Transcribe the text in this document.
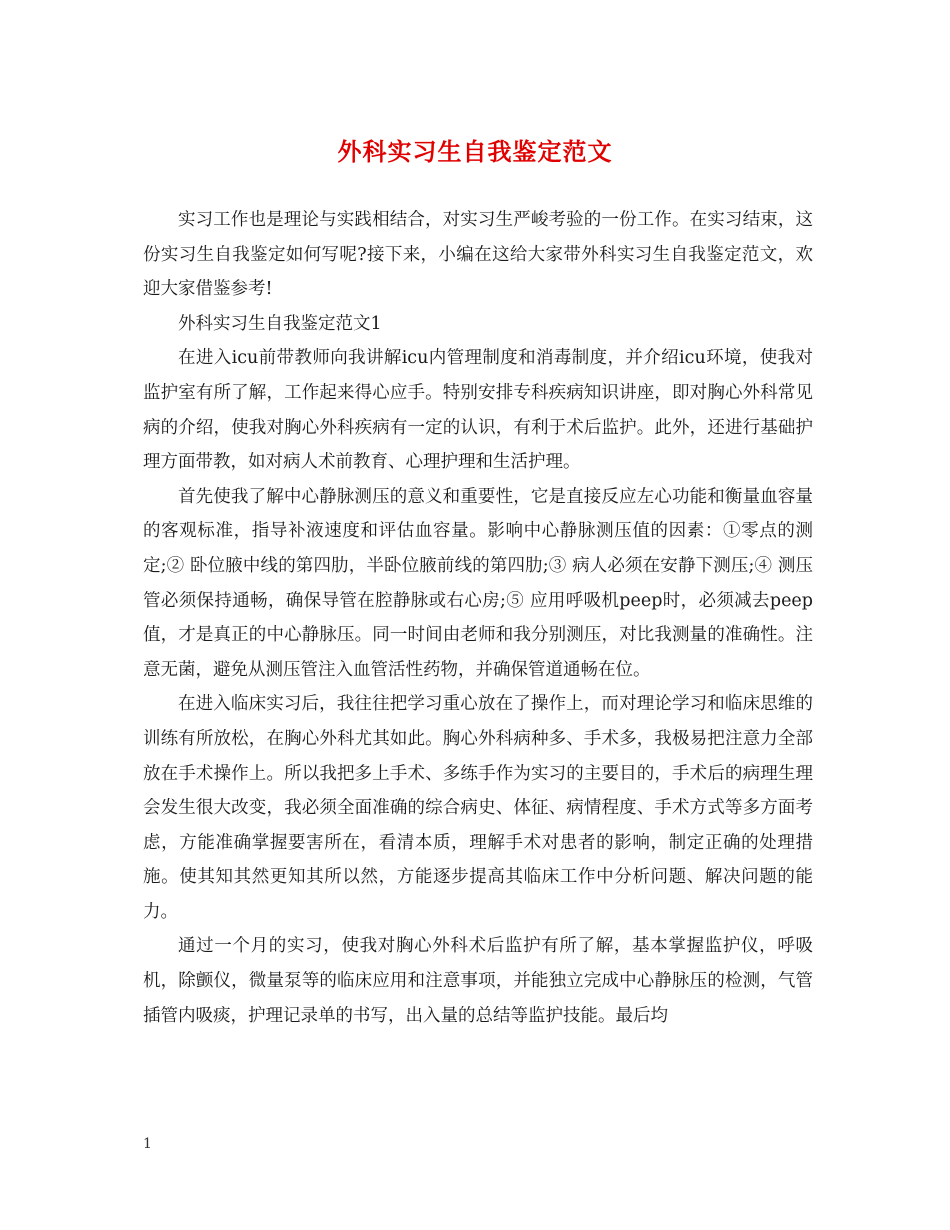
外科实习生自我鉴定范文

实习工作也是理论与实践相结合，对实习生严峻考验的一份工作。在实习结束，这份实习生自我鉴定如何写呢?接下来，小编在这给大家带外科实习生自我鉴定范文，欢迎大家借鉴参考!

外科实习生自我鉴定范文1

在进入icu前带教师向我讲解icu内管理制度和消毒制度，并介绍icu环境，使我对监护室有所了解，工作起来得心应手。特别安排专科疾病知识讲座，即对胸心外科常见病的介绍，使我对胸心外科疾病有一定的认识，有利于术后监护。此外，还进行基础护理方面带教，如对病人术前教育、心理护理和生活护理。

首先使我了解中心静脉测压的意义和重要性，它是直接反应左心功能和衡量血容量的客观标准，指导补液速度和评估血容量。影响中心静脉测压值的因素：①零点的测定;② 卧位腋中线的第四肋，半卧位腋前线的第四肋;③ 病人必须在安静下测压;④ 测压管必须保持通畅，确保导管在腔静脉或右心房;⑤ 应用呼吸机peep时，必须减去peep值，才是真正的中心静脉压。同一时间由老师和我分别测压，对比我测量的准确性。注意无菌，避免从测压管注入血管活性药物，并确保管道通畅在位。

在进入临床实习后，我往往把学习重心放在了操作上，而对理论学习和临床思维的训练有所放松，在胸心外科尤其如此。胸心外科病种多、手术多，我极易把注意力全部放在手术操作上。所以我把多上手术、多练手作为实习的主要目的，手术后的病理生理会发生很大改变，我必须全面准确的综合病史、体征、病情程度、手术方式等多方面考虑，方能准确掌握要害所在，看清本质，理解手术对患者的影响，制定正确的处理措施。使其知其然更知其所以然，方能逐步提高其临床工作中分析问题、解决问题的能力。

通过一个月的实习，使我对胸心外科术后监护有所了解，基本掌握监护仪，呼吸机，除颤仪，微量泵等的临床应用和注意事项，并能独立完成中心静脉压的检测，气管插管内吸痰，护理记录单的书写，出入量的总结等监护技能。最后均

1
